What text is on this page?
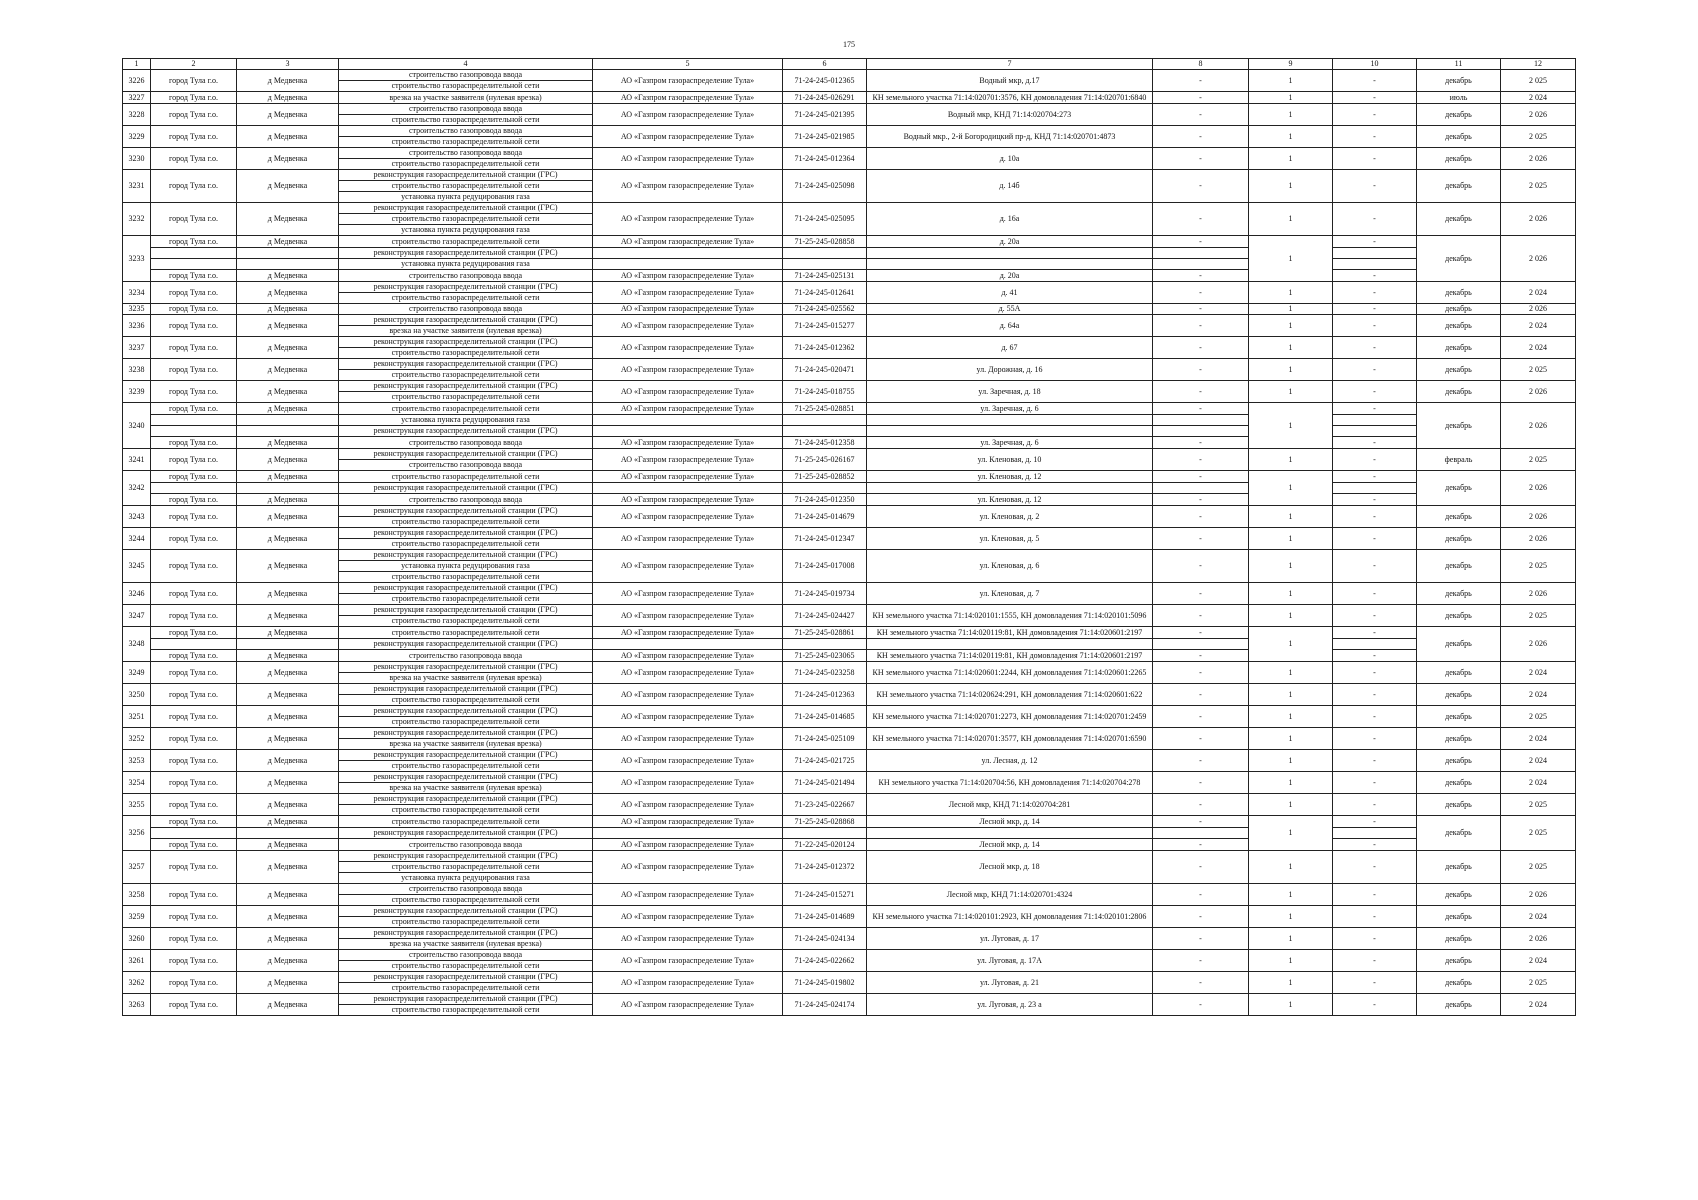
175
1	2	3	4	5	6	7	8	9	10	11	12
3226	город Тула г.о.	д Медвенка	строительство газопровода ввода	АО «Газпром газораспределение Тула»	71-24-245-012365	Водный мкр, д.17	-	1	-	декабрь	2 025
			строительство газораспределительной сети								
3227	город Тула г.о.	д Медвенка	врезка на участке заявителя (нулевая врезка)	АО «Газпром газораспределение Тула»	71-24-245-026291	КН земельного участка 71:14:020701:3576, КН домовладения 71:14:020701:6840	-	1	-	июль	2 024
3228	город Тула г.о.	д Медвенка	строительство газопровода ввода	АО «Газпром газораспределение Тула»	71-24-245-021395	Водный мкр, КНД 71:14:020704:273	-	1	-	декабрь	2 026
			строительство газораспределительной сети								
3229	город Тула г.о.	д Медвенка	строительство газопровода ввода	АО «Газпром газораспределение Тула»	71-24-245-021985	Водный мкр., 2-й Богородицкий пр-д, КНД 71:14:020701:4873	-	1	-	декабрь	2 025
			строительство газораспределительной сети								
3230	город Тула г.о.	д Медвенка	строительство газопровода ввода	АО «Газпром газораспределение Тула»	71-24-245-012364	д. 10а	-	1	-	декабрь	2 026
			строительство газораспределительной сети								
3231	город Тула г.о.	д Медвенка	реконструкция газораспределительной станции (ГРС)	АО «Газпром газораспределение Тула»	71-24-245-025098	д. 14б	-	1	-	декабрь	2 025
			строительство газораспределительной сети								
			установка пункта редуцирования газа								
3232	город Тула г.о.	д Медвенка	реконструкция газораспределительной станции (ГРС)	АО «Газпром газораспределение Тула»	71-24-245-025095	д. 16а	-	1	-	декабрь	2 026
			строительство газораспределительной сети								
			установка пункта редуцирования газа								
3233	город Тула г.о.	д Медвенка	строительство газораспределительной сети	АО «Газпром газораспределение Тула»	71-25-245-028858	д. 20а	-	1	-	декабрь	2 026
			реконструкция газораспределительной станции (ГРС)								
			установка пункта редуцирования газа								
	город Тула г.о.	д Медвенка	строительство газопровода ввода	АО «Газпром газораспределение Тула»	71-24-245-025131	д. 20а	-		-		
3234	город Тула г.о.	д Медвенка	реконструкция газораспределительной станции (ГРС)	АО «Газпром газораспределение Тула»	71-24-245-012641	д. 41	-	1	-	декабрь	2 024
			строительство газораспределительной сети								
3235	город Тула г.о.	д Медвенка	строительство газопровода ввода	АО «Газпром газораспределение Тула»	71-24-245-025562	д. 55А	-	1	-	декабрь	2 026
3236	город Тула г.о.	д Медвенка	реконструкция газораспределительной станции (ГРС)	АО «Газпром газораспределение Тула»	71-24-245-015277	д. 64а	-	1	-	декабрь	2 024
			врезка на участке заявителя (нулевая врезка)								
3237	город Тула г.о.	д Медвенка	реконструкция газораспределительной станции (ГРС)	АО «Газпром газораспределение Тула»	71-24-245-012362	д. 67	-	1	-	декабрь	2 024
			строительство газораспределительной сети								
3238	город Тула г.о.	д Медвенка	реконструкция газораспределительной станции (ГРС)	АО «Газпром газораспределение Тула»	71-24-245-020471	ул. Дорожная, д. 16	-	1	-	декабрь	2 025
			строительство газораспределительной сети								
3239	город Тула г.о.	д Медвенка	реконструкция газораспределительной станции (ГРС)	АО «Газпром газораспределение Тула»	71-24-245-018755	ул. Заречная, д. 18	-	1	-	декабрь	2 026
			строительство газораспределительной сети								
3240	город Тула г.о.	д Медвенка	строительство газораспределительной сети	АО «Газпром газораспределение Тула»	71-25-245-028851	ул. Заречная, д. 6	-	1	-	декабрь	2 026
			установка пункта редуцирования газа								
			реконструкция газораспределительной станции (ГРС)								
	город Тула г.о.	д Медвенка	строительство газопровода ввода	АО «Газпром газораспределение Тула»	71-24-245-012358	ул. Заречная, д. 6	-		-		
3241	город Тула г.о.	д Медвенка	реконструкция газораспределительной станции (ГРС)	АО «Газпром газораспределение Тула»	71-25-245-026167	ул. Кленовая, д. 10	-	1	-	февраль	2 025
			строительство газопровода ввода								
3242	город Тула г.о.	д Медвенка	строительство газораспределительной сети	АО «Газпром газораспределение Тула»	71-25-245-028852	ул. Кленовая, д. 12	-	1	-	декабрь	2 026
			реконструкция газораспределительной станции (ГРС)								
	город Тула г.о.	д Медвенка	строительство газопровода ввода	АО «Газпром газораспределение Тула»	71-24-245-012350	ул. Кленовая, д. 12	-		-		
3243	город Тула г.о.	д Медвенка	реконструкция газораспределительной станции (ГРС)	АО «Газпром газораспределение Тула»	71-24-245-014679	ул. Кленовая, д. 2	-	1	-	декабрь	2 026
			строительство газораспределительной сети								
3244	город Тула г.о.	д Медвенка	реконструкция газораспределительной станции (ГРС)	АО «Газпром газораспределение Тула»	71-24-245-012347	ул. Кленовая, д. 5	-	1	-	декабрь	2 026
			строительство газораспределительной сети								
3245	город Тула г.о.	д Медвенка	реконструкция газораспределительной станции (ГРС)	АО «Газпром газораспределение Тула»	71-24-245-017008	ул. Кленовая, д. 6	-	1	-	декабрь	2 025
			установка пункта редуцирования газа								
			строительство газораспределительной сети								
3246	город Тула г.о.	д Медвенка	реконструкция газораспределительной станции (ГРС)	АО «Газпром газораспределение Тула»	71-24-245-019734	ул. Кленовая, д. 7	-	1	-	декабрь	2 026
			строительство газораспределительной сети								
3247	город Тула г.о.	д Медвенка	реконструкция газораспределительной станции (ГРС)	АО «Газпром газораспределение Тула»	71-24-245-024427	КН земельного участка 71:14:020101:1555, КН домовладения 71:14:020101:5096	-	1	-	декабрь	2 025
			строительство газораспределительной сети								
3248	город Тула г.о.	д Медвенка	строительство газораспределительной сети	АО «Газпром газораспределение Тула»	71-25-245-028861	КН земельного участка 71:14:020119:81, КН домовладения 71:14:020601:2197	-	1	-	декабрь	2 026
			реконструкция газораспределительной станции (ГРС)								
	город Тула г.о.	д Медвенка	строительство газопровода ввода	АО «Газпром газораспределение Тула»	71-25-245-023065	КН земельного участка 71:14:020119:81, КН домовладения 71:14:020601:2197	-		-		
3249	город Тула г.о.	д Медвенка	реконструкция газораспределительной станции (ГРС)	АО «Газпром газораспределение Тула»	71-24-245-023258	КН земельного участка 71:14:020601:2244, КН домовладения 71:14:020601:2265	-	1	-	декабрь	2 024
			врезка на участке заявителя (нулевая врезка)								
3250	город Тула г.о.	д Медвенка	реконструкция газораспределительной станции (ГРС)	АО «Газпром газораспределение Тула»	71-24-245-012363	КН земельного участка 71:14:020624:291, КН домовладения 71:14:020601:622	-	1	-	декабрь	2 024
			строительство газораспределительной сети								
3251	город Тула г.о.	д Медвенка	реконструкция газораспределительной станции (ГРС)	АО «Газпром газораспределение Тула»	71-24-245-014685	КН земельного участка 71:14:020701:2273, КН домовладения 71:14:020701:2459	-	1	-	декабрь	2 025
			строительство газораспределительной сети								
3252	город Тула г.о.	д Медвенка	реконструкция газораспределительной станции (ГРС)	АО «Газпром газораспределение Тула»	71-24-245-025109	КН земельного участка 71:14:020701:3577, КН домовладения 71:14:020701:6590	-	1	-	декабрь	2 024
			врезка на участке заявителя (нулевая врезка)								
3253	город Тула г.о.	д Медвенка	реконструкция газораспределительной станции (ГРС)	АО «Газпром газораспределение Тула»	71-24-245-021725	ул. Лесная, д. 12	-	1	-	декабрь	2 024
			строительство газораспределительной сети								
3254	город Тула г.о.	д Медвенка	реконструкция газораспределительной станции (ГРС)	АО «Газпром газораспределение Тула»	71-24-245-021494	КН земельного участка 71:14:020704:56, КН домовладения 71:14:020704:278	-	1	-	декабрь	2 024
			врезка на участке заявителя (нулевая врезка)								
3255	город Тула г.о.	д Медвенка	реконструкция газораспределительной станции (ГРС)	АО «Газпром газораспределение Тула»	71-23-245-022667	Лесной мкр, КНД 71:14:020704:281	-	1	-	декабрь	2 025
			строительство газораспределительной сети								
3256	город Тула г.о.	д Медвенка	строительство газораспределительной сети	АО «Газпром газораспределение Тула»	71-25-245-028868	Лесной мкр, д. 14	-	1	-	декабрь	2 025
			реконструкция газораспределительной станции (ГРС)								
	город Тула г.о.	д Медвенка	строительство газопровода ввода	АО «Газпром газораспределение Тула»	71-22-245-020124	Лесной мкр, д. 14	-		-		
3257	город Тула г.о.	д Медвенка	реконструкция газораспределительной станции (ГРС)	АО «Газпром газораспределение Тула»	71-24-245-012372	Лесной мкр, д. 18	-	1	-	декабрь	2 025
			строительство газораспределительной сети								
			установка пункта редуцирования газа								
3258	город Тула г.о.	д Медвенка	строительство газопровода ввода	АО «Газпром газораспределение Тула»	71-24-245-015271	Лесной мкр, КНД 71:14:020701:4324	-	1	-	декабрь	2 026
			строительство газораспределительной сети								
3259	город Тула г.о.	д Медвенка	реконструкция газораспределительной станции (ГРС)	АО «Газпром газораспределение Тула»	71-24-245-014689	КН земельного участка 71:14:020101:2923, КН домовладения 71:14:020101:2806	-	1	-	декабрь	2 024
			строительство газораспределительной сети								
3260	город Тула г.о.	д Медвенка	реконструкция газораспределительной станции (ГРС)	АО «Газпром газораспределение Тула»	71-24-245-024134	ул. Луговая, д. 17	-	1	-	декабрь	2 026
			врезка на участке заявителя (нулевая врезка)								
3261	город Тула г.о.	д Медвенка	строительство газопровода ввода	АО «Газпром газораспределение Тула»	71-24-245-022662	ул. Луговая, д. 17А	-	1	-	декабрь	2 024
			строительство газораспределительной сети								
3262	город Тула г.о.	д Медвенка	реконструкция газораспределительной станции (ГРС)	АО «Газпром газораспределение Тула»	71-24-245-019802	ул. Луговая, д. 21	-	1	-	декабрь	2 025
			строительство газораспределительной сети								
3263	город Тула г.о.	д Медвенка	реконструкция газораспределительной станции (ГРС)	АО «Газпром газораспределение Тула»	71-24-245-024174	ул. Луговая, д. 23 а	-	1	-	декабрь	2 024
			строительство газораспределительной сети								
